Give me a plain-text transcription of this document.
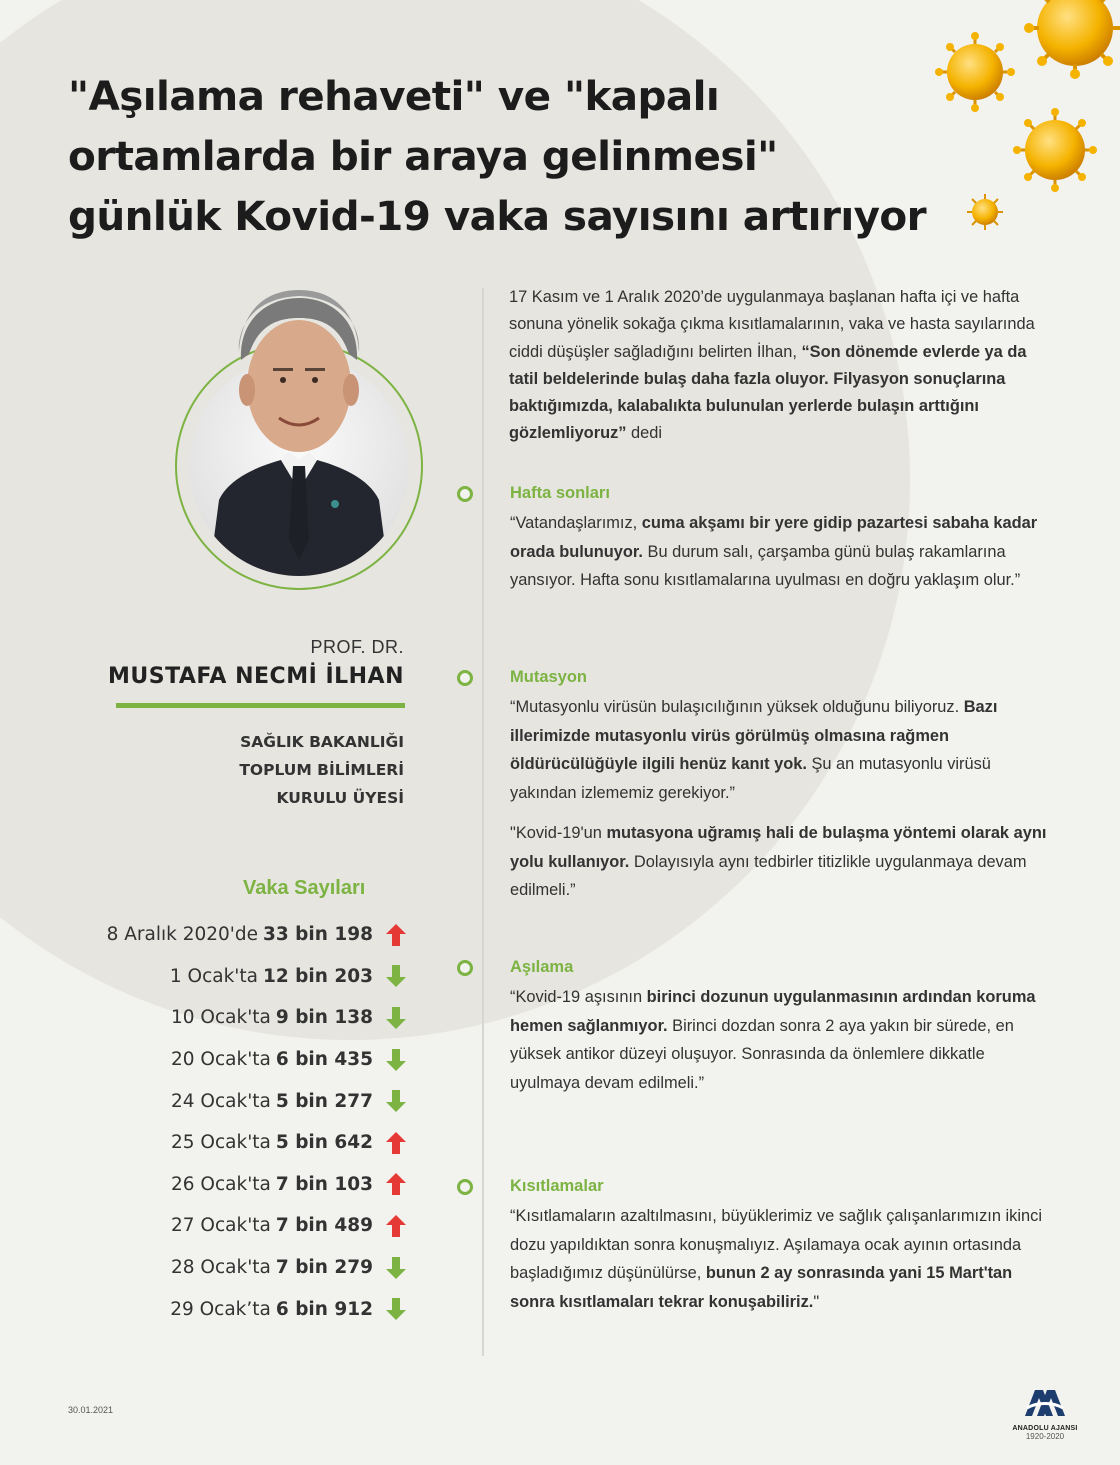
"Aşılama rehaveti" ve "kapalı
ortamlarda bir araya gelinmesi"
günlük Kovid-19 vaka sayısını artırıyor
PROF. DR.
MUSTAFA NECMİ İLHAN
SAĞLIK BAKANLIĞI
TOPLUM BİLİMLERİ
KURULU ÜYESİ
Vaka Sayıları
8 Aralık 2020'de 33 bin 198
1 Ocak'ta 12 bin 203
10 Ocak'ta 9 bin 138
20 Ocak'ta 6 bin 435
24 Ocak'ta 5 bin 277
25 Ocak'ta 5 bin 642
26 Ocak'ta 7 bin 103
27 Ocak'ta 7 bin 489
28 Ocak'ta 7 bin 279
29 Ocak’ta 6 bin 912

17 Kasım ve 1 Aralık 2020’de uygulanmaya başlanan hafta içi ve hafta sonuna yönelik sokağa çıkma kısıtlamalarının, vaka ve hasta sayılarında ciddi düşüşler sağladığını belirten İlhan, “Son dönemde evlerde ya da tatil beldelerinde bulaş daha fazla oluyor. Filyasyon sonuçlarına baktığımızda, kalabalıkta bulunulan yerlerde bulaşın arttığını gözlemliyoruz” dedi

Hafta sonları

“Vatandaşlarımız, cuma akşamı bir yere gidip pazartesi sabaha kadar orada bulunuyor. Bu durum salı, çarşamba günü bulaş rakamlarına yansıyor. Hafta sonu kısıtlamalarına uyulması en doğru yaklaşım olur.”

Mutasyon

“Mutasyonlu virüsün bulaşıcılığının yüksek olduğunu biliyoruz. Bazı illerimizde mutasyonlu virüs görülmüş olmasına rağmen öldürücülüğüyle ilgili henüz kanıt yok. Şu an mutasyonlu virüsü yakından izlememiz gerekiyor.”

"Kovid-19'un mutasyona uğramış hali de bulaşma yöntemi olarak aynı yolu kullanıyor. Dolayısıyla aynı tedbirler titizlikle uygulanmaya devam edilmeli.”

Aşılama

“Kovid-19 aşısının birinci dozunun uygulanmasının ardından koruma hemen sağlanmıyor. Birinci dozdan sonra 2 aya yakın bir sürede, en yüksek antikor düzeyi oluşuyor. Sonrasında da önlemlere dikkatle uyulmaya devam edilmeli.”

Kısıtlamalar

“Kısıtlamaların azaltılmasını, büyüklerimiz ve sağlık çalışanlarımızın ikinci dozu yapıldıktan sonra konuşmalıyız. Aşılamaya ocak ayının ortasında başladığımız düşünülürse, bunun 2 ay sonrasında yani 15 Mart'tan sonra kısıtlamaları tekrar konuşabiliriz."

30.01.2021
ANADOLU AJANSI
1920-2020
